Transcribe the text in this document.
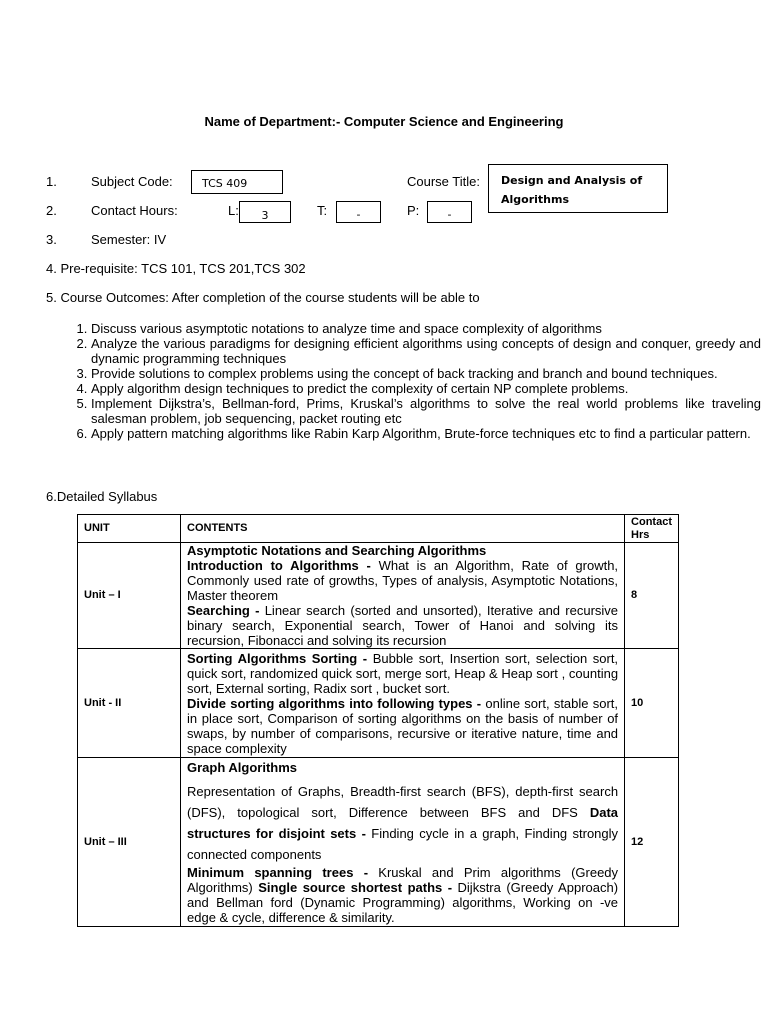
Name of Department:- Computer Science and Engineering
1.	Subject Code:	TCS 409	Course Title:	Design and Analysis of Algorithms
2.	Contact Hours:	L:	3	T:	-	P:	-
3.	Semester: IV
4. Pre-requisite: TCS 101, TCS 201,TCS 302
5. Course Outcomes: After completion of the course students will be able to
1. Discuss various asymptotic notations to analyze time and space complexity of algorithms
2. Analyze the various paradigms for designing efficient algorithms using concepts of design and conquer, greedy and dynamic programming techniques
3. Provide solutions to complex problems using the concept of back tracking and branch and bound techniques.
4. Apply algorithm design techniques to predict the complexity of certain NP complete problems.
5. Implement Dijkstra’s, Bellman-ford, Prims, Kruskal’s algorithms to solve the real world problems like traveling salesman problem, job sequencing, packet routing etc
6. Apply pattern matching algorithms like Rabin Karp Algorithm, Brute-force techniques etc to find a particular pattern.
6.Detailed Syllabus
UNIT	CONTENTS	Contact Hrs
Unit – I	Asymptotic Notations and Searching Algorithms
Introduction to Algorithms - What is an Algorithm, Rate of growth, Commonly used rate of growths, Types of analysis, Asymptotic Notations, Master theorem
Searching - Linear search (sorted and unsorted), Iterative and recursive binary search, Exponential search, Tower of Hanoi and solving its recursion, Fibonacci and solving its recursion	8
Unit - II	Sorting Algorithms Sorting - Bubble sort, Insertion sort, selection sort, quick sort, randomized quick sort, merge sort, Heap & Heap sort , counting sort, External sorting, Radix sort , bucket sort.
Divide sorting algorithms into following types - online sort, stable sort, in place sort, Comparison of sorting algorithms on the basis of number of swaps, by number of comparisons, recursive or iterative nature, time and space complexity	10
Unit – III	Graph Algorithms
Representation of Graphs, Breadth-first search (BFS), depth-first search (DFS), topological sort, Difference between BFS and DFS Data structures for disjoint sets - Finding cycle in a graph, Finding strongly connected components
Minimum spanning trees - Kruskal and Prim algorithms (Greedy Algorithms) Single source shortest paths - Dijkstra (Greedy Approach) and Bellman ford (Dynamic Programming) algorithms, Working on -ve edge & cycle, difference & similarity.	12
